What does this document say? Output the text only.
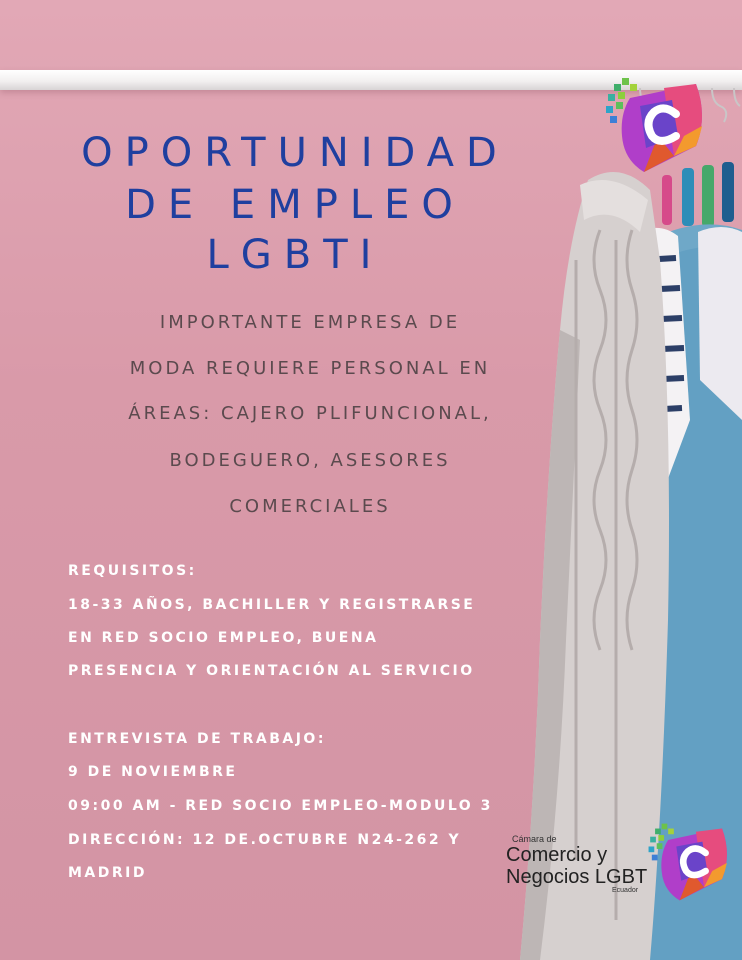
OPORTUNIDAD
DE EMPLEO
LGBTI
IMPORTANTE EMPRESA DE
MODA REQUIERE PERSONAL EN
ÁREAS: CAJERO PLIFUNCIONAL,
BODEGUERO, ASESORES
COMERCIALES
REQUISITOS:
18-33 AÑOS, BACHILLER Y REGISTRARSE
EN RED SOCIO EMPLEO, BUENA
PRESENCIA Y ORIENTACIÓN AL SERVICIO
ENTREVISTA DE TRABAJO:
9 DE NOVIEMBRE
09:00 AM - RED SOCIO EMPLEO-MODULO 3
DIRECCIÓN: 12 DE.OCTUBRE N24-262 Y
MADRID
Cámara de
Comercio y
Negocios LGBT
Ecuador
